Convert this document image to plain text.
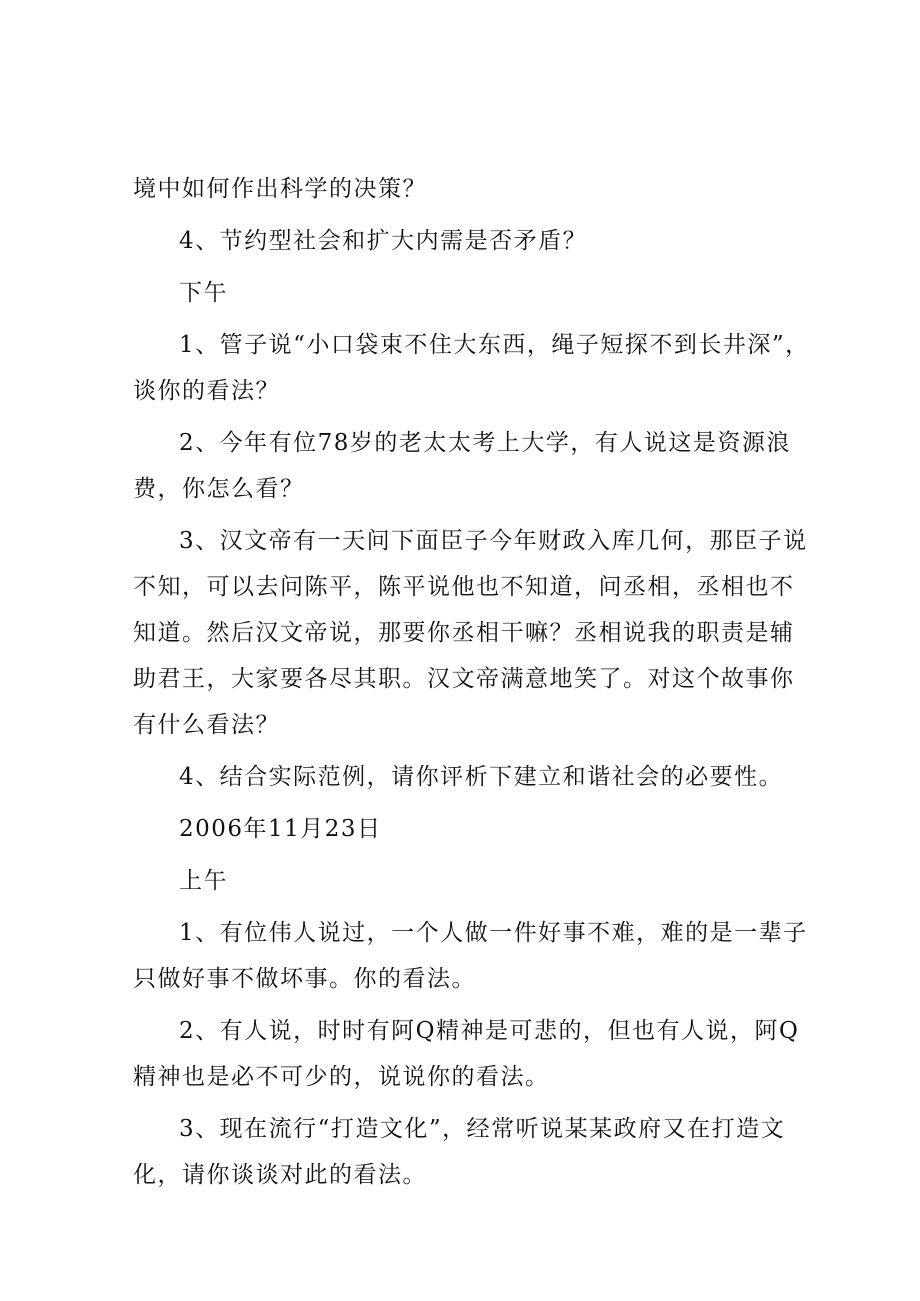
境中如何作出科学的决策？

4、节约型社会和扩大内需是否矛盾？

下午

1、管子说“小口袋束不住大东西，绳子短探不到长井深”，谈你的看法？

2、今年有位78岁的老太太考上大学，有人说这是资源浪费，你怎么看？

3、汉文帝有一天问下面臣子今年财政入库几何，那臣子说不知，可以去问陈平，陈平说他也不知道，问丞相，丞相也不知道。然后汉文帝说，那要你丞相干嘛？丞相说我的职责是辅助君王，大家要各尽其职。汉文帝满意地笑了。对这个故事你有什么看法？

4、结合实际范例，请你评析下建立和谐社会的必要性。

2006年11月23日

上午

1、有位伟人说过，一个人做一件好事不难，难的是一辈子只做好事不做坏事。你的看法。

2、有人说，时时有阿Q精神是可悲的，但也有人说，阿Q精神也是必不可少的，说说你的看法。

3、现在流行“打造文化”，经常听说某某政府又在打造文化，请你谈谈对此的看法。
